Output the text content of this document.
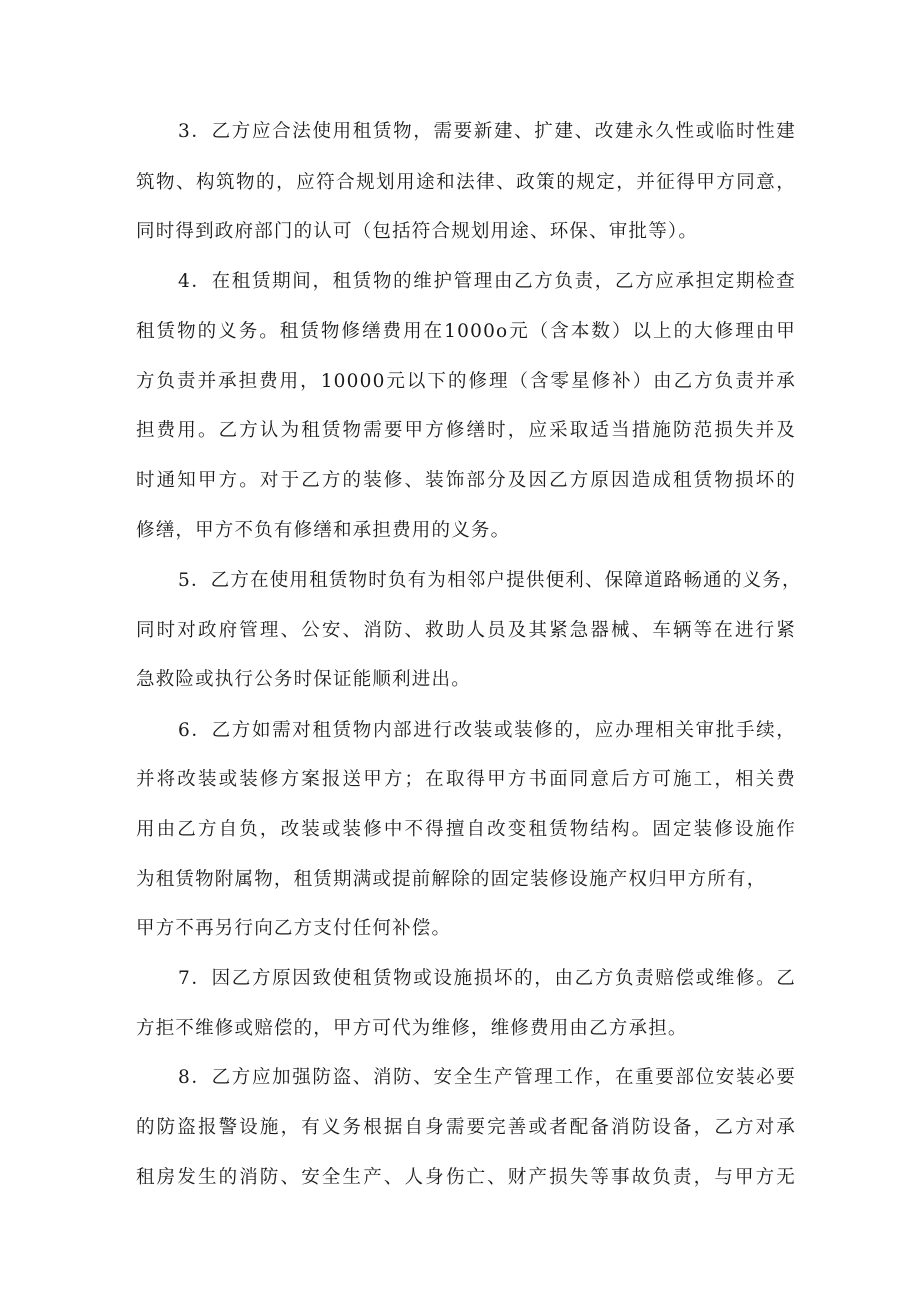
3．乙方应合法使用租赁物，需要新建、扩建、改建永久性或临时性建
筑物、构筑物的，应符合规划用途和法律、政策的规定，并征得甲方同意，
同时得到政府部门的认可（包括符合规划用途、环保、审批等）。
4．在租赁期间，租赁物的维护管理由乙方负责，乙方应承担定期检查
租赁物的义务。租赁物修缮费用在1000o元（含本数）以上的大修理由甲
方负责并承担费用，10000元以下的修理（含零星修补）由乙方负责并承
担费用。乙方认为租赁物需要甲方修缮时，应采取适当措施防范损失并及
时通知甲方。对于乙方的装修、装饰部分及因乙方原因造成租赁物损坏的
修缮，甲方不负有修缮和承担费用的义务。
5．乙方在使用租赁物时负有为相邻户提供便利、保障道路畅通的义务，
同时对政府管理、公安、消防、救助人员及其紧急器械、车辆等在进行紧
急救险或执行公务时保证能顺利进出。
6．乙方如需对租赁物内部进行改装或装修的，应办理相关审批手续，
并将改装或装修方案报送甲方；在取得甲方书面同意后方可施工，相关费
用由乙方自负，改装或装修中不得擅自改变租赁物结构。固定装修设施作
为租赁物附属物，租赁期满或提前解除的固定装修设施产权归甲方所有，
甲方不再另行向乙方支付任何补偿。
7．因乙方原因致使租赁物或设施损坏的，由乙方负责赔偿或维修。乙
方拒不维修或赔偿的，甲方可代为维修，维修费用由乙方承担。
8．乙方应加强防盗、消防、安全生产管理工作，在重要部位安装必要
的防盗报警设施，有义务根据自身需要完善或者配备消防设备，乙方对承
租房发生的消防、安全生产、人身伤亡、财产损失等事故负责，与甲方无
